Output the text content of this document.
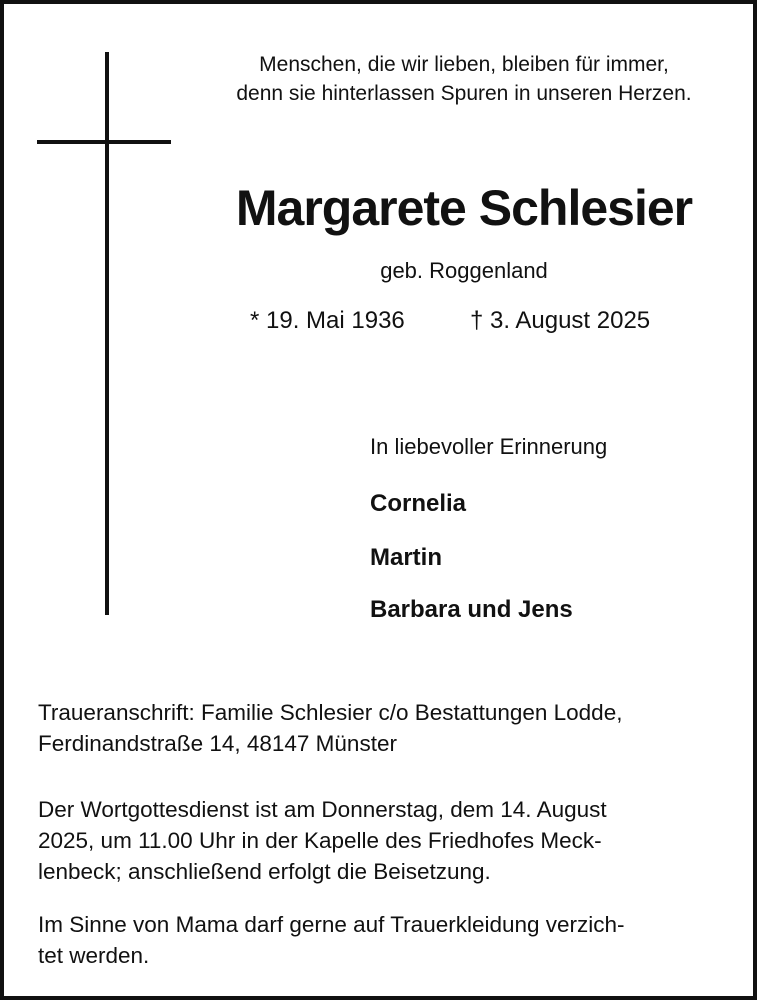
Menschen, die wir lieben, bleiben für immer,
denn sie hinterlassen Spuren in unseren Herzen.
Margarete Schlesier
geb. Roggenland
* 19. Mai 1936	† 3. August 2025
In liebevoller Erinnerung
Cornelia
Martin
Barbara und Jens
Traueranschrift: Familie Schlesier c/o Bestattungen Lodde,
Ferdinandstraße 14, 48147 Münster
Der Wortgottesdienst ist am Donnerstag, dem 14. August
2025, um 11.00 Uhr in der Kapelle des Friedhofes Meck-
lenbeck; anschließend erfolgt die Beisetzung.
Im Sinne von Mama darf gerne auf Trauerkleidung verzich-
tet werden.
